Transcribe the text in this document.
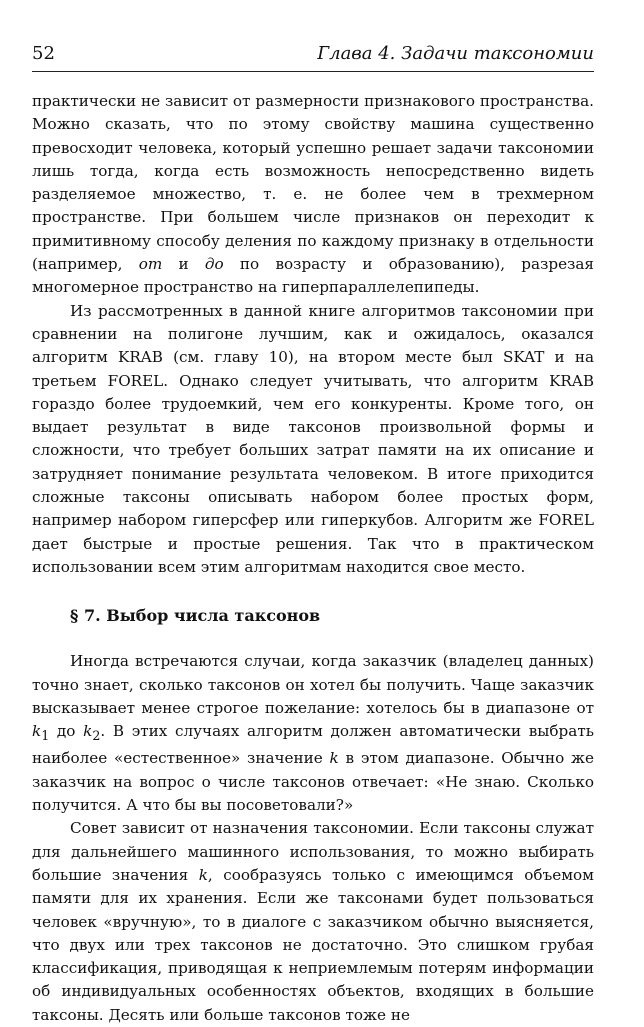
52	Глава 4. Задачи таксономии

практически не зависит от размерности признакового пространства. Можно сказать, что по этому свойству машина существенно превосходит человека, который успешно решает задачи таксономии лишь тогда, когда есть возможность непосредственно видеть разделяемое множество, т. е. не более чем в трехмерном пространстве. При большем числе признаков он переходит к примитивному способу деления по каждому признаку в отдельности (например, от и до по возрасту и образованию), разрезая многомерное пространство на гиперпараллелепипеды.

Из рассмотренных в данной книге алгоритмов таксономии при сравнении на полигоне лучшим, как и ожидалось, оказался алгоритм KRAB (см. главу 10), на втором месте был SKAT и на третьем FOREL. Однако следует учитывать, что алгоритм KRAB гораздо более трудоемкий, чем его конкуренты. Кроме того, он выдает результат в виде таксонов произвольной формы и сложности, что требует больших затрат памяти на их описание и затрудняет понимание результата человеком. В итоге приходится сложные таксоны описывать набором более простых форм, например набором гиперсфер или гиперкубов. Алгоритм же FOREL дает быстрые и простые решения. Так что в практическом использовании всем этим алгоритмам находится свое место.

§ 7. Выбор числа таксонов

Иногда встречаются случаи, когда заказчик (владелец данных) точно знает, сколько таксонов он хотел бы получить. Чаще заказчик высказывает менее строгое пожелание: хотелось бы в диапазоне от $k_1$ до $k_2$. В этих случаях алгоритм должен автоматически выбрать наиболее «естественное» значение k в этом диапазоне. Обычно же заказчик на вопрос о числе таксонов отвечает: «Не знаю. Сколько получится. А что бы вы посоветовали?»

Совет зависит от назначения таксономии. Если таксоны служат для дальнейшего машинного использования, то можно выбирать большие значения k, сообразуясь только с имеющимся объемом памяти для их хранения. Если же таксонами будет пользоваться человек «вручную», то в диалоге с заказчиком обычно выясняется, что двух или трех таксонов не достаточно. Это слишком грубая классификация, приводящая к неприемлемым потерям информации об индивидуальных особенностях объектов, входящих в большие таксоны. Десять или больше таксонов тоже не
